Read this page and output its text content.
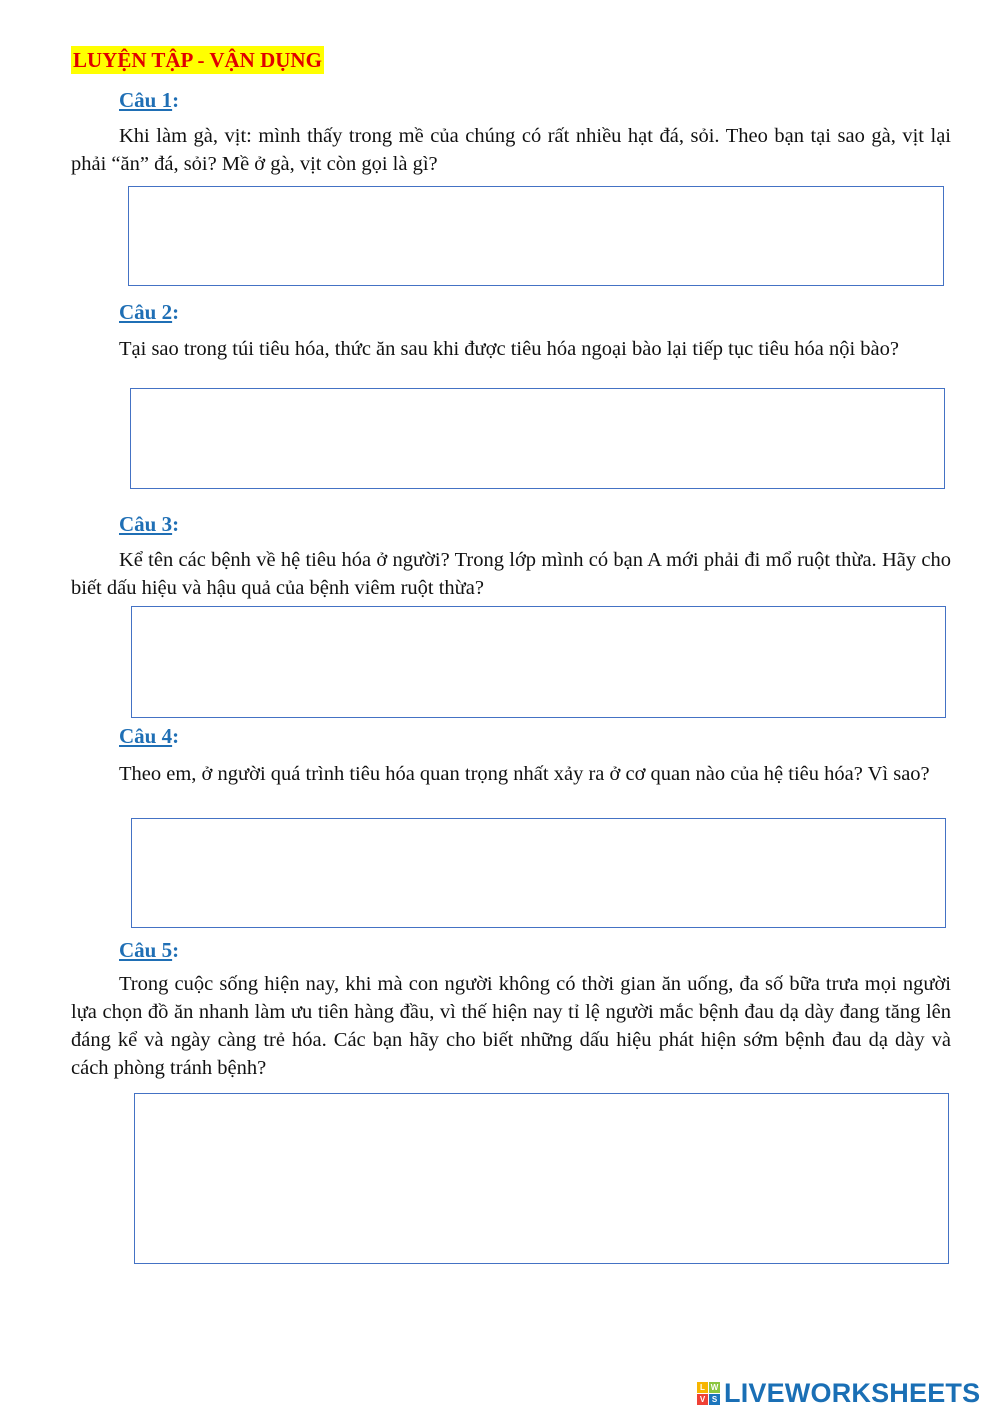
LUYỆN TẬP - VẬN DỤNG
Câu 1:

Khi làm gà, vịt: mình thấy trong mề của chúng có rất nhiều hạt đá, sỏi. Theo bạn tại sao gà, vịt lại phải “ăn” đá, sỏi? Mề ở gà, vịt còn gọi là gì?

Câu 2:

Tại sao trong túi tiêu hóa, thức ăn sau khi được tiêu hóa ngoại bào lại tiếp tục tiêu hóa nội bào?

Câu 3:

Kể tên các bệnh về hệ tiêu hóa ở người? Trong lớp mình có bạn A mới phải đi mổ ruột thừa. Hãy cho biết dấu hiệu và hậu quả của bệnh viêm ruột thừa?

Câu 4:

Theo em, ở người quá trình tiêu hóa quan trọng nhất xảy ra ở cơ quan nào của hệ tiêu hóa? Vì sao?

Câu 5:

Trong cuộc sống hiện nay, khi mà con người không có thời gian ăn uống, đa số bữa trưa mọi người lựa chọn đồ ăn nhanh làm ưu tiên hàng đầu, vì thế hiện nay tỉ lệ người mắc bệnh đau dạ dày đang tăng lên đáng kể và ngày càng trẻ hóa. Các bạn hãy cho biết những dấu hiệu phát hiện sớm bệnh đau dạ dày và cách phòng tránh bệnh?

L W
V S LIVEWORKSHEETS
